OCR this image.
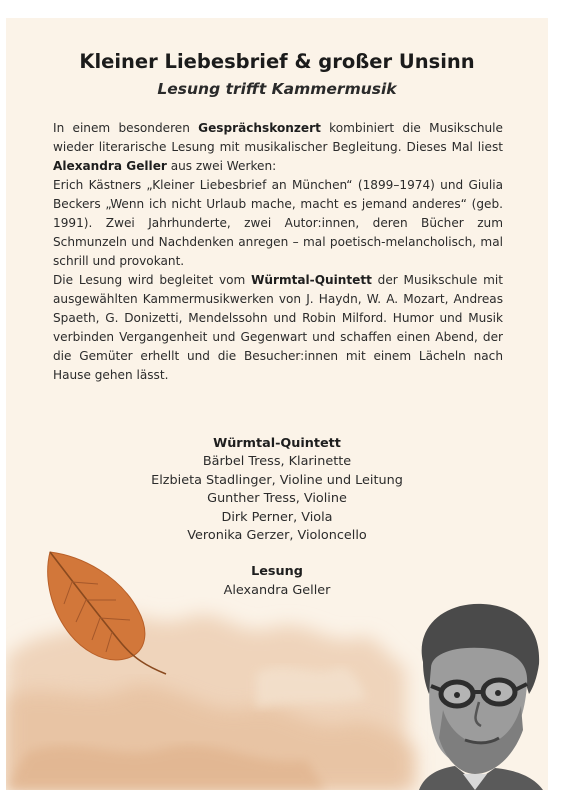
Kleiner Liebesbrief & großer Unsinn
Lesung trifft Kammermusik

In einem besonderen Gesprächskonzert kombiniert die Musikschule wieder literarische Lesung mit musikalischer Begleitung. Dieses Mal liest Alexandra Geller aus zwei Werken:

Erich Kästners „Kleiner Liebesbrief an München“ (1899–1974) und Giulia Beckers „Wenn ich nicht Urlaub mache, macht es jemand anderes“ (geb. 1991). Zwei Jahrhunderte, zwei Autor:innen, deren Bücher zum Schmunzeln und Nachdenken anregen – mal poetisch-melancholisch, mal schrill und provokant.

Die Lesung wird begleitet vom Würmtal-Quintett der Musikschule mit ausgewählten Kammermusikwerken von J. Haydn, W. A. Mozart, Andreas Spaeth, G. Donizetti, Mendelssohn und Robin Milford. Humor und Musik verbinden Vergangenheit und Gegenwart und schaffen einen Abend, der die Gemüter erhellt und die Besucher:innen mit einem Lächeln nach Hause gehen lässt.

Würmtal-Quintett
Bärbel Tress, Klarinette
Elzbieta Stadlinger, Violine und Leitung
Gunther Tress, Violine
Dirk Perner, Viola
Veronika Gerzer, Violoncello
Lesung
Alexandra Geller
